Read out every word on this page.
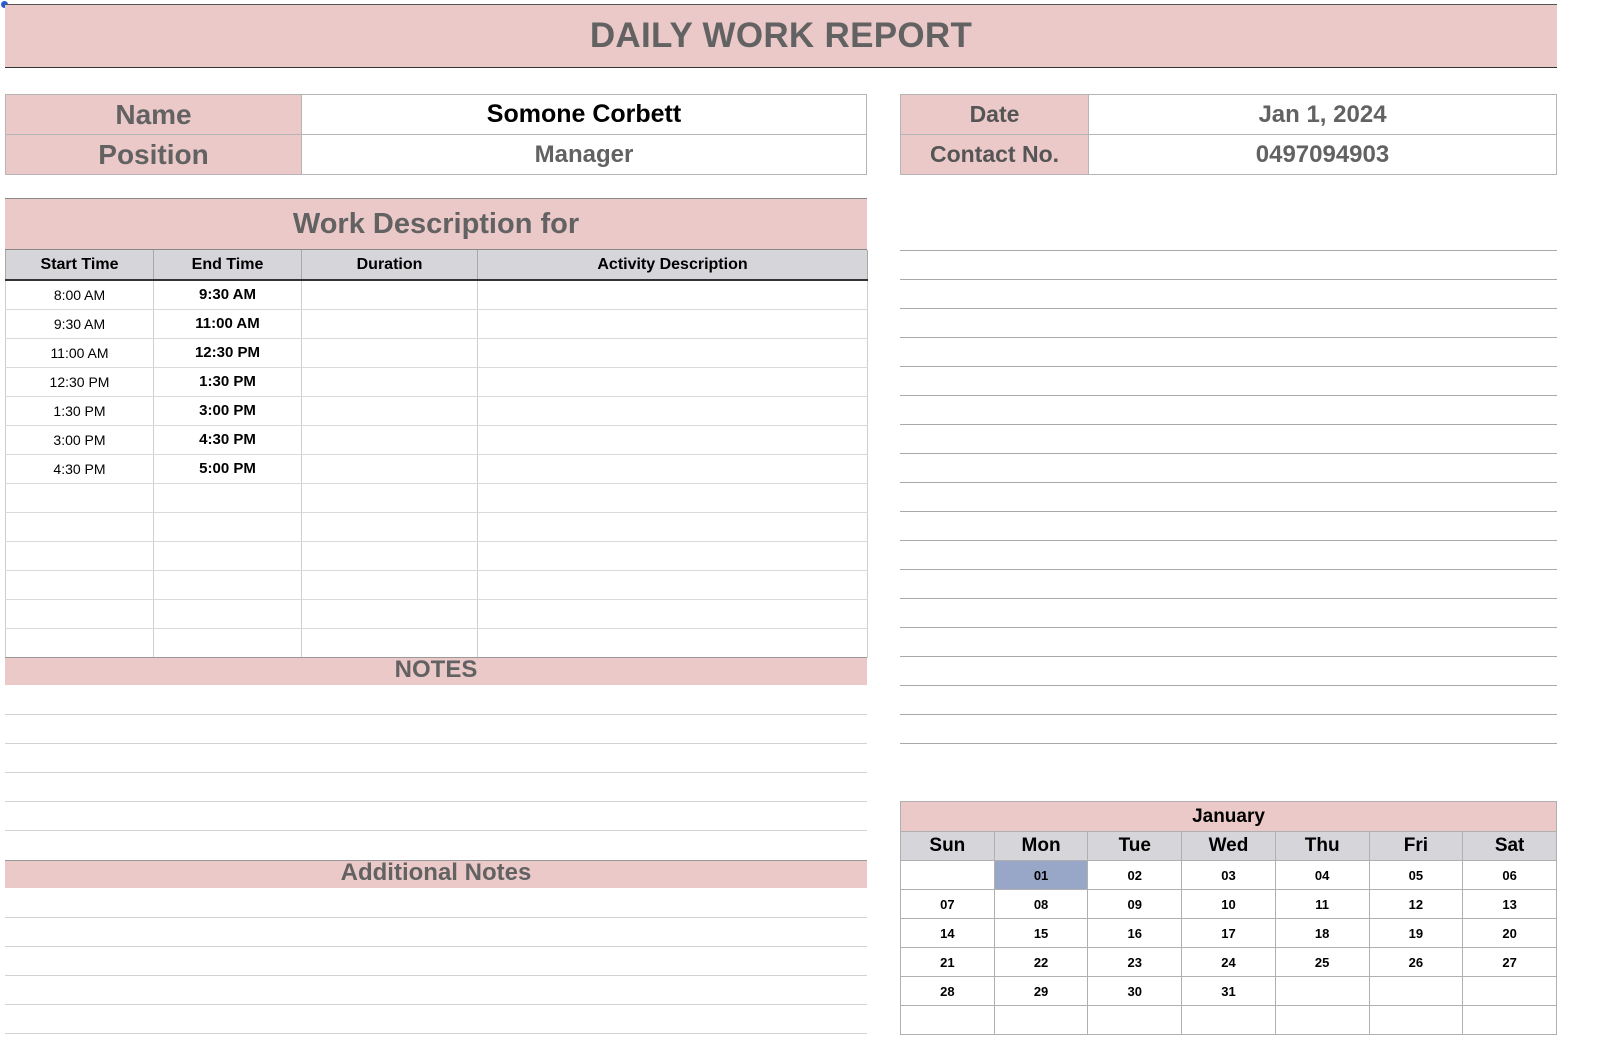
DAILY WORK REPORT
Name	Somone Corbett
Position	Manager
Date	Jan 1, 2024
Contact No.	0497094903
Work Description for
Start Time	End Time	Duration	Activity Description
8:00 AM	9:30 AM		
9:30 AM	11:00 AM		
11:00 AM	12:30 PM		
12:30 PM	1:30 PM		
1:30 PM	3:00 PM		
3:00 PM	4:30 PM		
4:30 PM	5:00 PM		

NOTES
Additional Notes
January						
Sun	Mon	Tue	Wed	Thu	Fri	Sat
	01	02	03	04	05	06
07	08	09	10	11	12	13
14	15	16	17	18	19	20
21	22	23	24	25	26	27
28	29	30	31			
